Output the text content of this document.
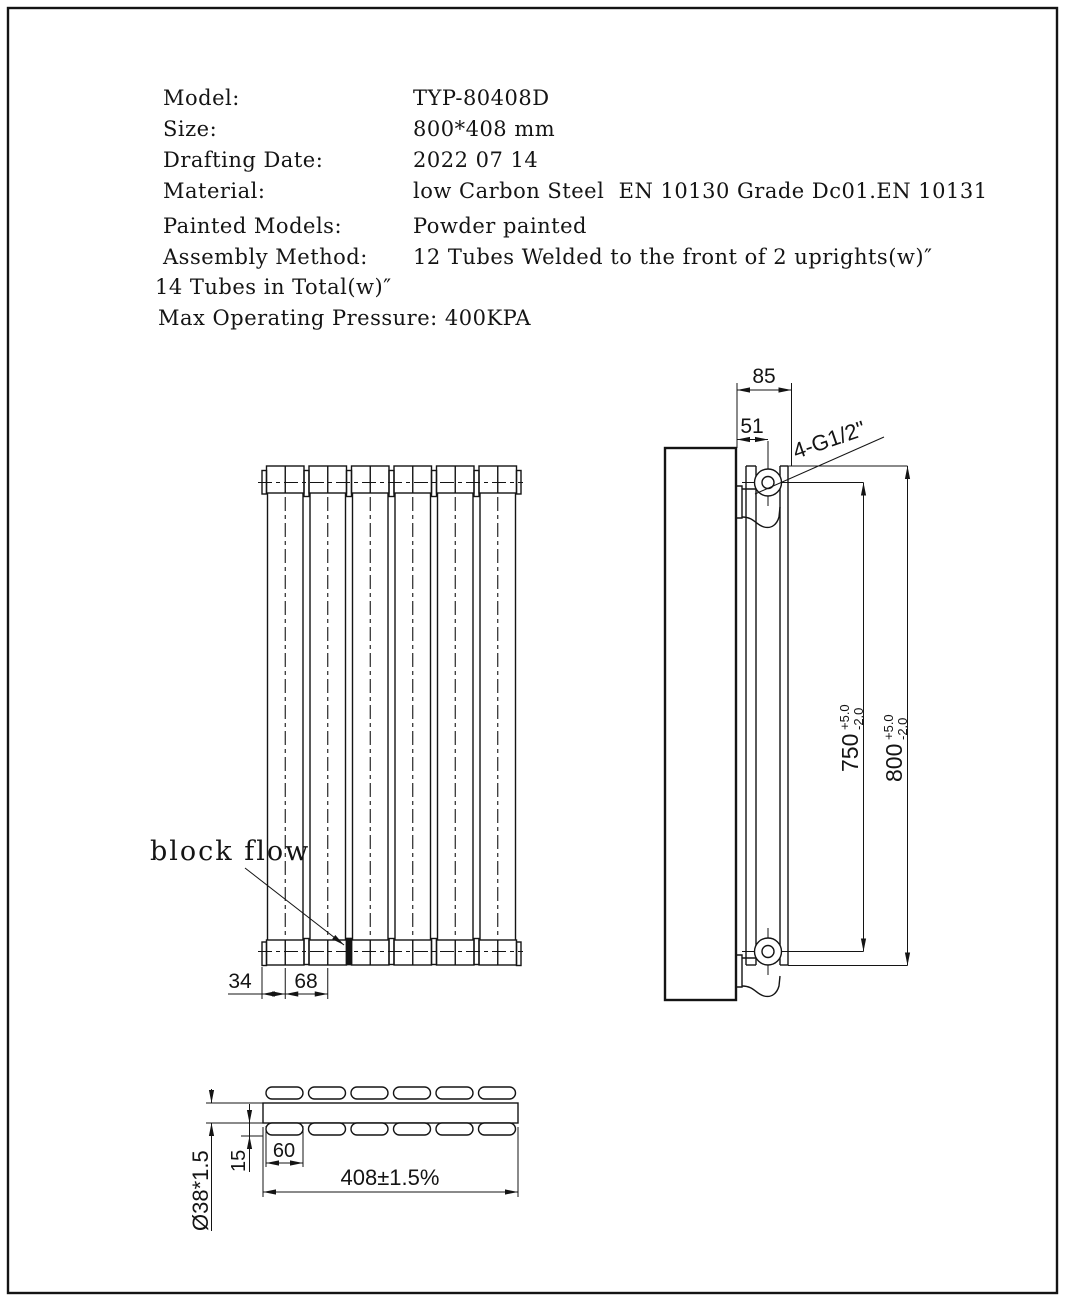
Model:	TYP-80408D
Size:	800*408 mm
Drafting Date:	2022 07 14
Material:	low Carbon Steel  EN 10130 Grade Dc01.EN 10131
Painted Models:	Powder painted
Assembly Method: 12 Tubes Welded to the front of 2 uprights(w)″
14 Tubes in Total(w)″
Max Operating Pressure: 400KPA
block flow
34 68
4-G1/2"
85
51
750
+5.0 -2.0
800
+5.0 -2.0
Ø38*1.5 15 60
408±1.5%
